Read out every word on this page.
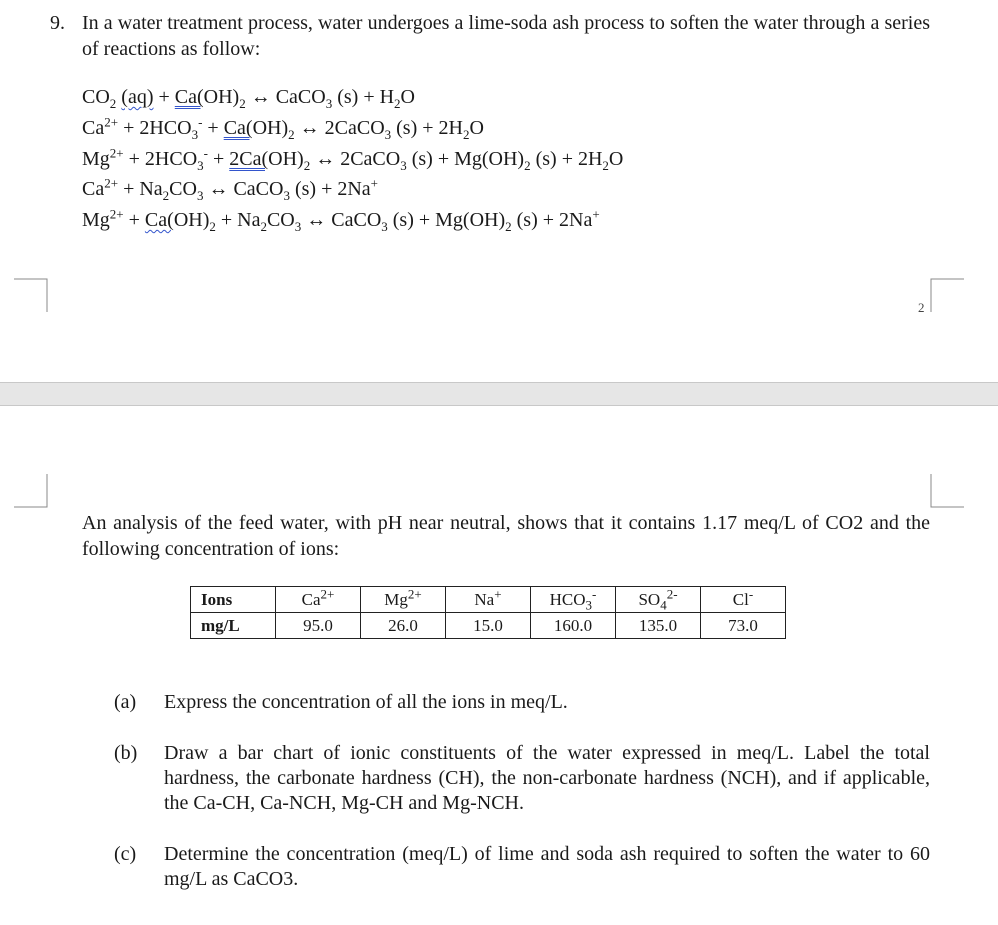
9. In a water treatment process, water undergoes a lime-soda ash process to soften the water through a series of reactions as follow:
$CO_2$ $(aq) + Ca(OH)_2$ ↔ CaCO$_3$ $(s) + H_2O$
$Ca^{2+} + 2HCO_3^- + Ca(OH)_2$ ↔ 2CaCO$_3$ $(s) + 2H_2O$
$Mg^{2+} + 2HCO_3^- + 2Ca(OH)_2$ ↔ 2CaCO$_3$ $(s) + Mg(OH)_2$ $(s) + 2H_2O$
$Ca^{2+} + Na_2CO_3$ ↔ CaCO$_3$ (s) + 2Na+
$Mg^{2+} + Ca(OH)_2 + Na_2CO_3$ ↔ CaCO$_3$ $(s) + Mg(OH)_2$ (s) + 2Na+
2
An analysis of the feed water, with pH near neutral, shows that it contains 1.17 meq/L of CO2 and the following concentration of ions:
Ions	$Ca^{2+}$	$Mg^{2+}$	Na+	$HCO_3^-$	$SO_4^{2-}$	Cl-
mg/L	95.0	26.0	15.0	160.0	135.0	73.0
(a) Express the concentration of all the ions in meq/L.
(b) Draw a bar chart of ionic constituents of the water expressed in meq/L. Label the total hardness, the carbonate hardness (CH), the non-carbonate hardness (NCH), and if applicable, the Ca-CH, Ca-NCH, Mg-CH and Mg-NCH.
(c) Determine the concentration (meq/L) of lime and soda ash required to soften the water to 60 mg/L as CaCO3.
